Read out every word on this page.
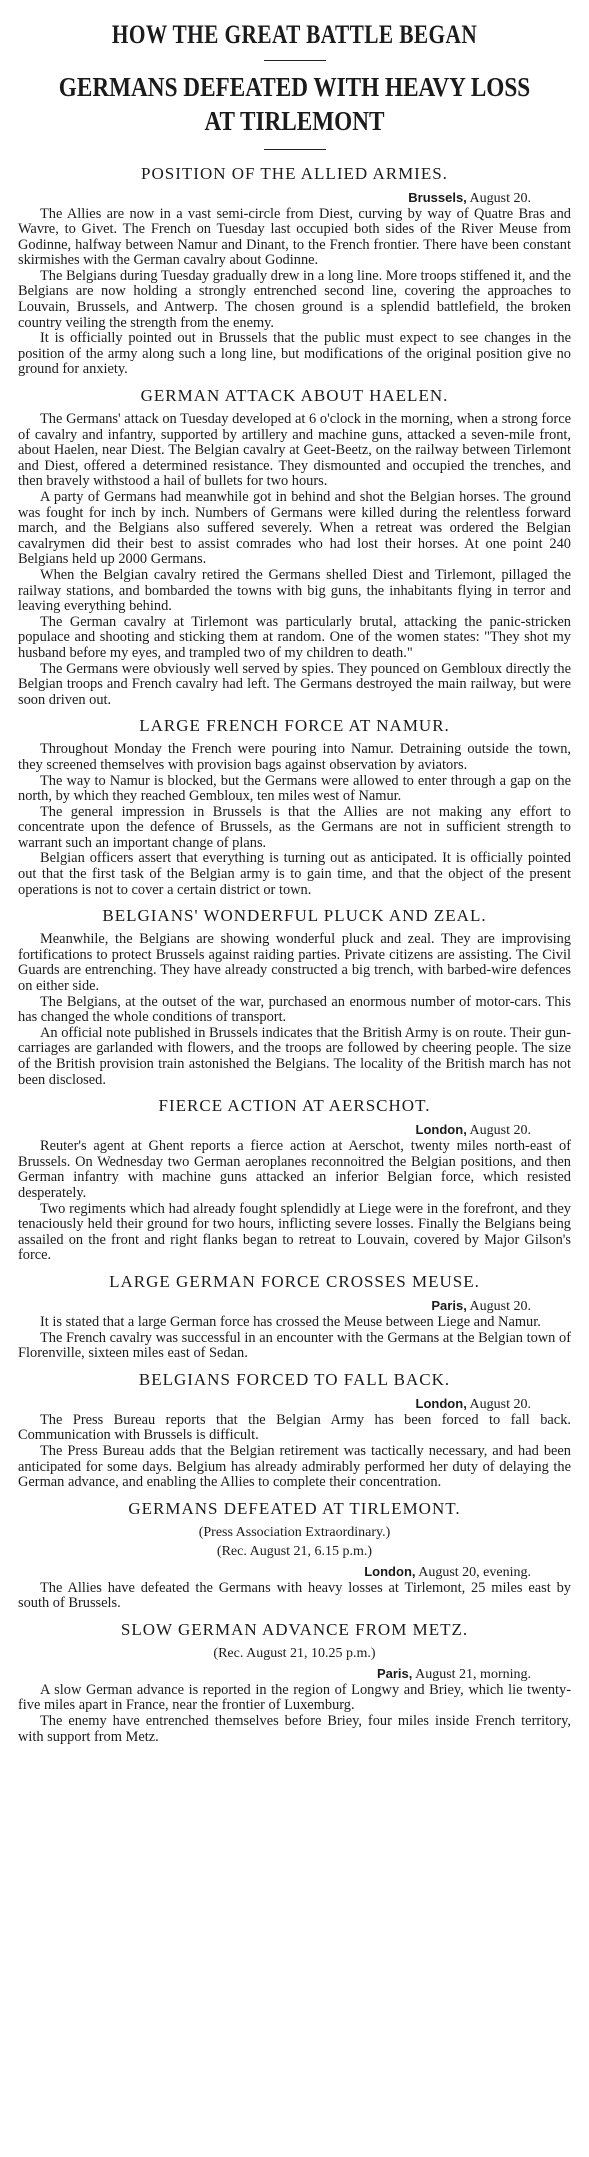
HOW THE GREAT BATTLE BEGAN
GERMANS DEFEATED WITH HEAVY LOSS AT TIRLEMONT
POSITION OF THE ALLIED ARMIES.
Brussels, August 20.

The Allies are now in a vast semi-circle from Diest, curving by way of Quatre Bras and Wavre, to Givet. The French on Tuesday last occupied both sides of the River Meuse from Godinne, halfway between Namur and Dinant, to the French frontier. There have been constant skirmishes with the German cavalry about Godinne.

The Belgians during Tuesday gradually drew in a long line. More troops stiffened it, and the Belgians are now holding a strongly entrenched second line, covering the approaches to Louvain, Brussels, and Antwerp. The chosen ground is a splendid battlefield, the broken country veiling the strength from the enemy.

It is officially pointed out in Brussels that the public must expect to see changes in the position of the army along such a long line, but modifications of the original position give no ground for anxiety.

GERMAN ATTACK ABOUT HAELEN.

The Germans' attack on Tuesday developed at 6 o'clock in the morning, when a strong force of cavalry and infantry, supported by artillery and machine guns, attacked a seven-mile front, about Haelen, near Diest. The Belgian cavalry at Geet-Beetz, on the railway between Tirlemont and Diest, offered a determined resistance. They dismounted and occupied the trenches, and then bravely withstood a hail of bullets for two hours.

A party of Germans had meanwhile got in behind and shot the Belgian horses. The ground was fought for inch by inch. Numbers of Germans were killed during the relentless forward march, and the Belgians also suffered severely. When a retreat was ordered the Belgian cavalrymen did their best to assist comrades who had lost their horses. At one point 240 Belgians held up 2000 Germans.

When the Belgian cavalry retired the Germans shelled Diest and Tirlemont, pillaged the railway stations, and bombarded the towns with big guns, the inhabitants flying in terror and leaving everything behind.

The German cavalry at Tirlemont was particularly brutal, attacking the panic-stricken populace and shooting and sticking them at random. One of the women states: "They shot my husband before my eyes, and trampled two of my children to death."

The Germans were obviously well served by spies. They pounced on Gembloux directly the Belgian troops and French cavalry had left. The Germans destroyed the main railway, but were soon driven out.

LARGE FRENCH FORCE AT NAMUR.

Throughout Monday the French were pouring into Namur. Detraining outside the town, they screened themselves with provision bags against observation by aviators.

The way to Namur is blocked, but the Germans were allowed to enter through a gap on the north, by which they reached Gembloux, ten miles west of Namur.

The general impression in Brussels is that the Allies are not making any effort to concentrate upon the defence of Brussels, as the Germans are not in sufficient strength to warrant such an important change of plans.

Belgian officers assert that everything is turning out as anticipated. It is officially pointed out that the first task of the Belgian army is to gain time, and that the object of the present operations is not to cover a certain district or town.

BELGIANS' WONDERFUL PLUCK AND ZEAL.

Meanwhile, the Belgians are showing wonderful pluck and zeal. They are improvising fortifications to protect Brussels against raiding parties. Private citizens are assisting. The Civil Guards are entrenching. They have already constructed a big trench, with barbed-wire defences on either side.

The Belgians, at the outset of the war, purchased an enormous number of motor-cars. This has changed the whole conditions of transport.

An official note published in Brussels indicates that the British Army is on route. Their gun-carriages are garlanded with flowers, and the troops are followed by cheering people. The size of the British provision train astonished the Belgians. The locality of the British march has not been disclosed.

FIERCE ACTION AT AERSCHOT.
London, August 20.

Reuter's agent at Ghent reports a fierce action at Aerschot, twenty miles north-east of Brussels. On Wednesday two German aeroplanes reconnoitred the Belgian positions, and then German infantry with machine guns attacked an inferior Belgian force, which resisted desperately.

Two regiments which had already fought splendidly at Liege were in the forefront, and they tenaciously held their ground for two hours, inflicting severe losses. Finally the Belgians being assailed on the front and right flanks began to retreat to Louvain, covered by Major Gilson's force.

LARGE GERMAN FORCE CROSSES MEUSE.
Paris, August 20.

It is stated that a large German force has crossed the Meuse between Liege and Namur.

The French cavalry was successful in an encounter with the Germans at the Belgian town of Florenville, sixteen miles east of Sedan.

BELGIANS FORCED TO FALL BACK.
London, August 20.

The Press Bureau reports that the Belgian Army has been forced to fall back. Communication with Brussels is difficult.

The Press Bureau adds that the Belgian retirement was tactically necessary, and had been anticipated for some days. Belgium has already admirably performed her duty of delaying the German advance, and enabling the Allies to complete their concentration.

GERMANS DEFEATED AT TIRLEMONT.
(Press Association Extraordinary.)
(Rec. August 21, 6.15 p.m.)
London, August 20, evening.

The Allies have defeated the Germans with heavy losses at Tirlemont, 25 miles east by south of Brussels.

SLOW GERMAN ADVANCE FROM METZ.
(Rec. August 21, 10.25 p.m.)
Paris, August 21, morning.

A slow German advance is reported in the region of Longwy and Briey, which lie twenty-five miles apart in France, near the frontier of Luxemburg.

The enemy have entrenched themselves before Briey, four miles inside French territory, with support from Metz.
